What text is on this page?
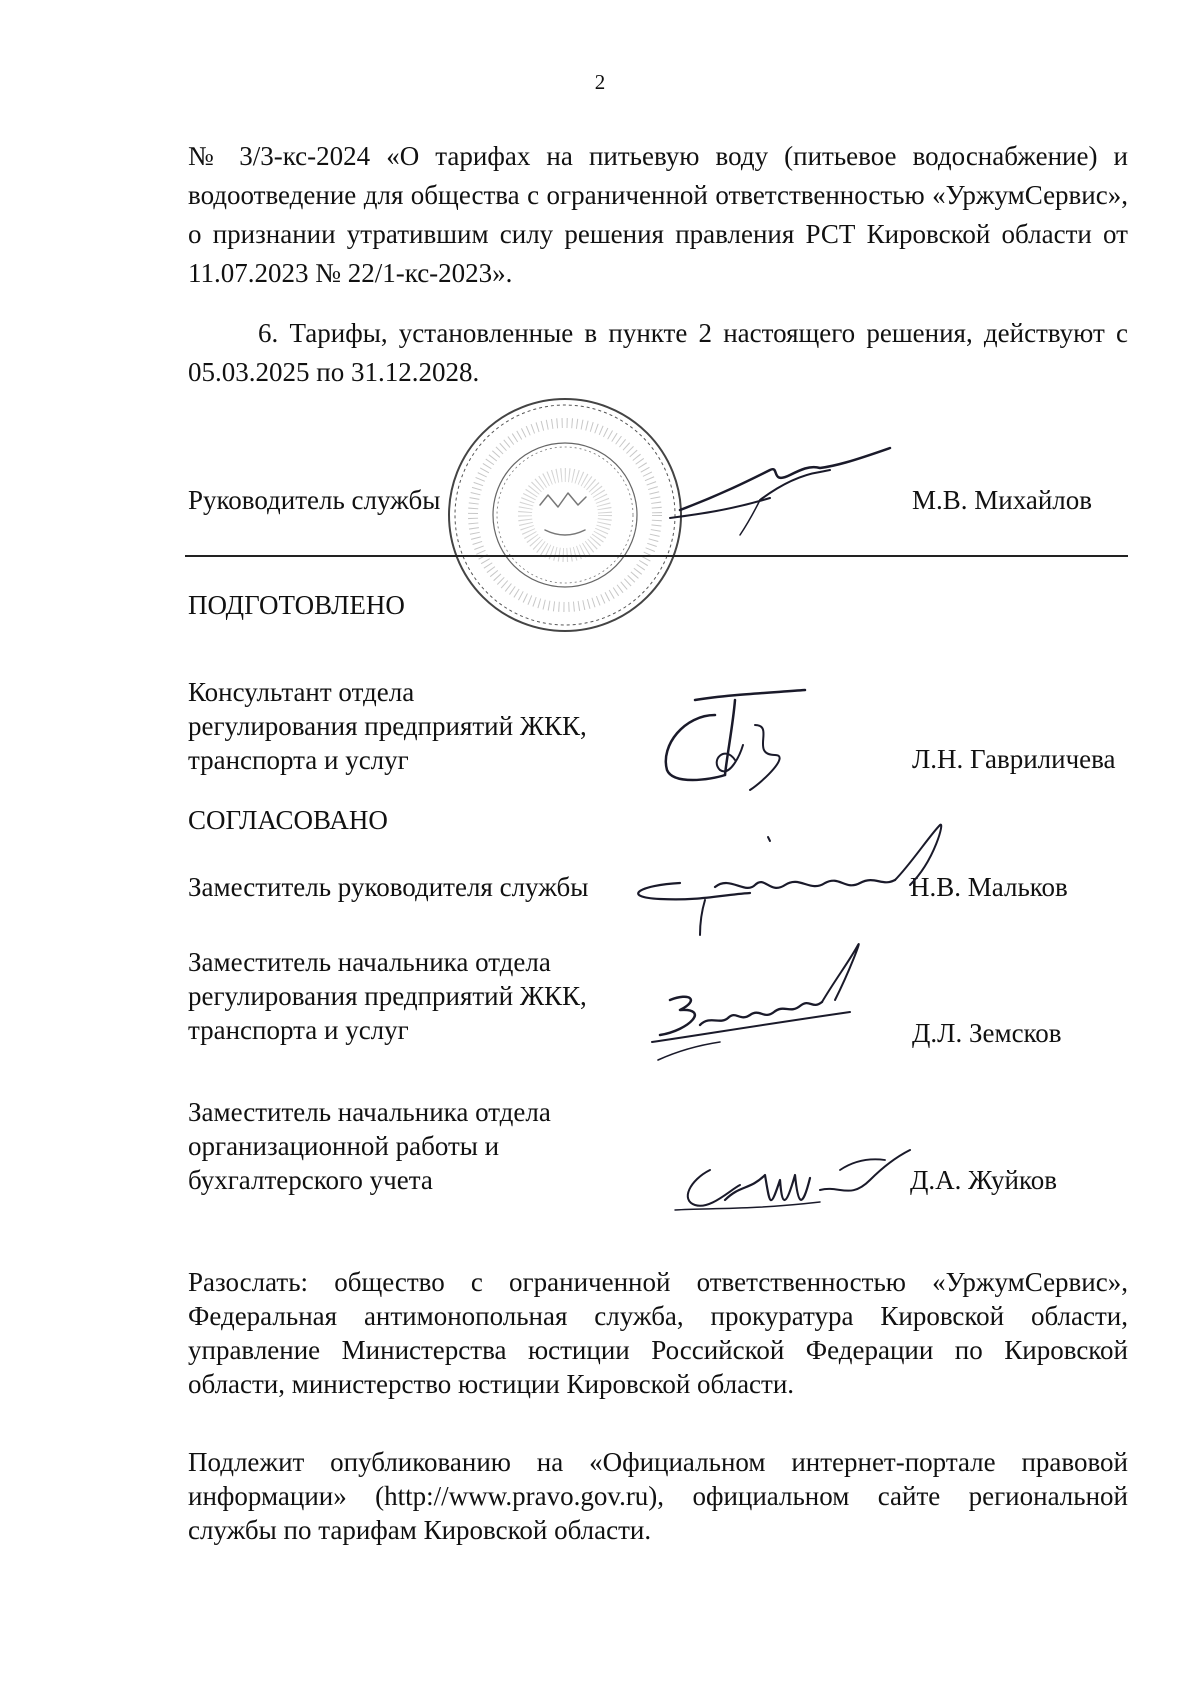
2
№ 3/3-кс-2024 «О тарифах на питьевую воду (питьевое водоснабжение) и водоотведение для общества с ограниченной ответственностью «УржумСервис», о признании утратившим силу решения правления РСТ Кировской области от 11.07.2023 № 22/1-кс-2023».
6. Тарифы, установленные в пункте 2 настоящего решения, действуют с 05.03.2025 по 31.12.2028.
Руководитель службы	М.В. Михайлов
ПОДГОТОВЛЕНО
Консультант отдела
регулирования предприятий ЖКК,
транспорта и услуг	Л.Н. Гавриличева
СОГЛАСОВАНО
Заместитель руководителя службы	Н.В. Мальков
Заместитель начальника отдела
регулирования предприятий ЖКК,
транспорта и услуг	Д.Л. Земсков
Заместитель начальника отдела
организационной работы и
бухгалтерского учета	Д.А. Жуйков
Разослать: общество с ограниченной ответственностью «УржумСервис», Федеральная антимонопольная служба, прокуратура Кировской области, управление Министерства юстиции Российской Федерации по Кировской области, министерство юстиции Кировской области.
Подлежит опубликованию на «Официальном интернет-портале правовой информации» (http://www.pravo.gov.ru), официальном сайте региональной службы по тарифам Кировской области.
